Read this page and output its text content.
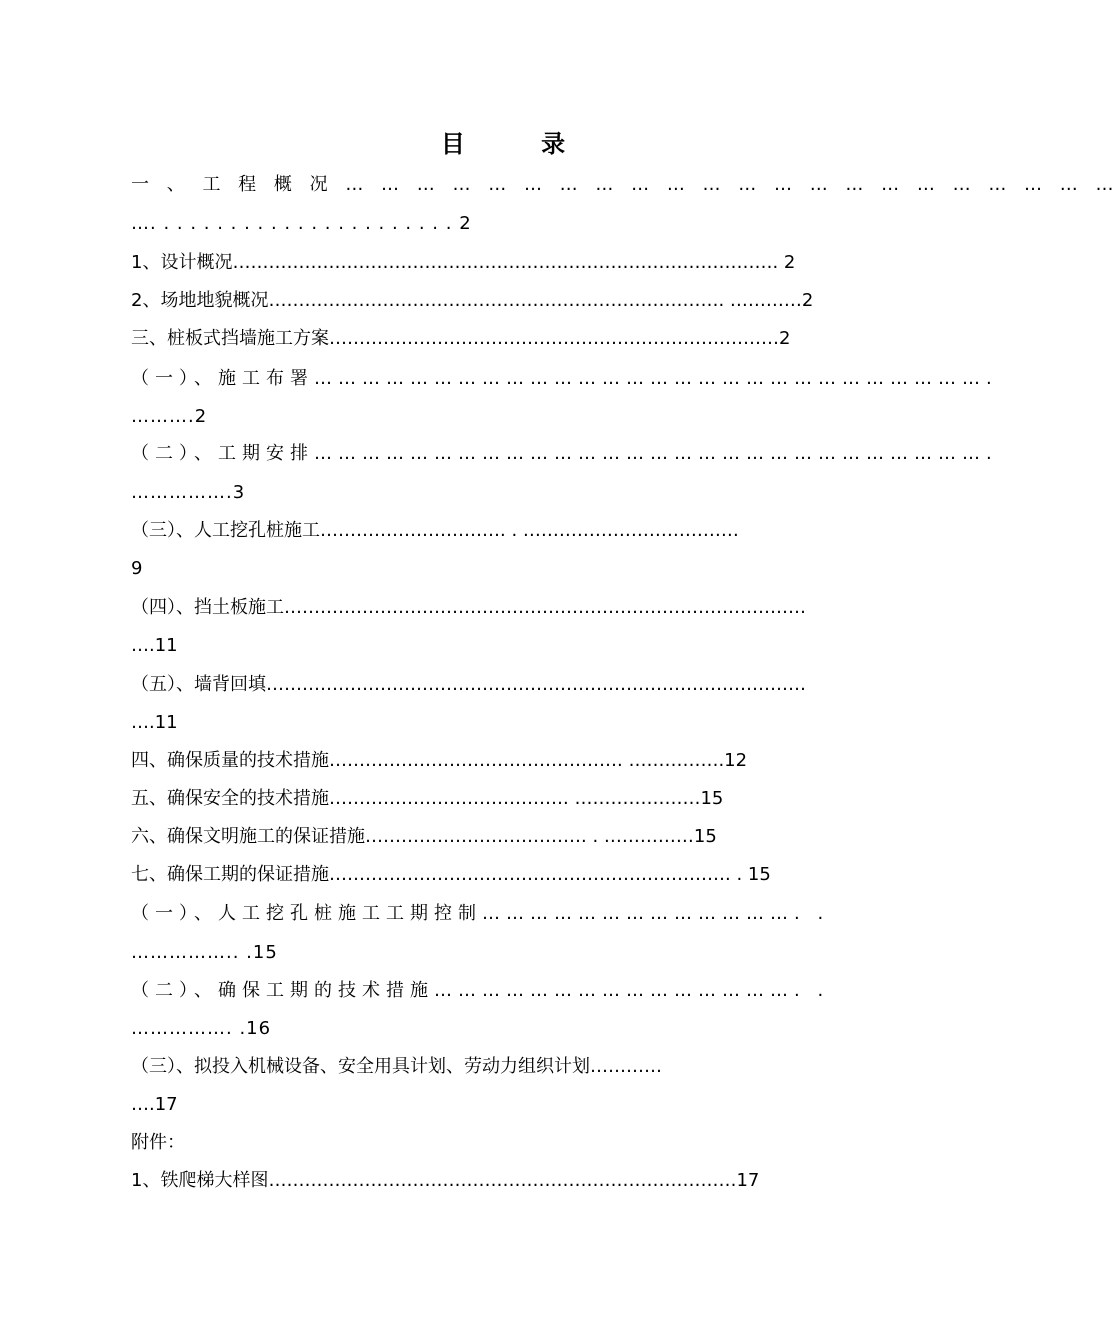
目 录
一 、 工 程 概 况 … … … … … … … … … … … … … … … … … … … … … …
…. . . . . . . . . . . . . . . . . . . . . . . 2
1、设计概况………………………………………………………………………………. 2
2、场地地貌概况…………………………………………………………………. …………2
三、桩板式挡墙施工方案…………………………………………………………………2
（一）、施工布署………………………………………………………………………….
……….2
（二）、工期安排………………………………………………………………………….
…………….3
（三）、人工挖孔桩施工…………………………. . ………………………………
9
（四）、挡土板施工……………………………………………………………………………
….11
（五）、墙背回填………………………………………………………………………………
….11
四、确保质量的技术措施…………………………………………. …………….12
五、确保安全的技术措施…………………………………. …………………15
六、确保文明施工的保证措施………………………………. . ……………15
七、确保工期的保证措施…………………………………………………………. . 15
（一）、人工挖孔桩施工工期控制…………………………………. .
…………….. .15
（二）、确保工期的技术措施………………………………………. .
……………. .16
（三）、拟投入机械设备、安全用具计划、劳动力组织计划…………
….17
附件：
1、铁爬梯大样图……………………………………………………………………17
